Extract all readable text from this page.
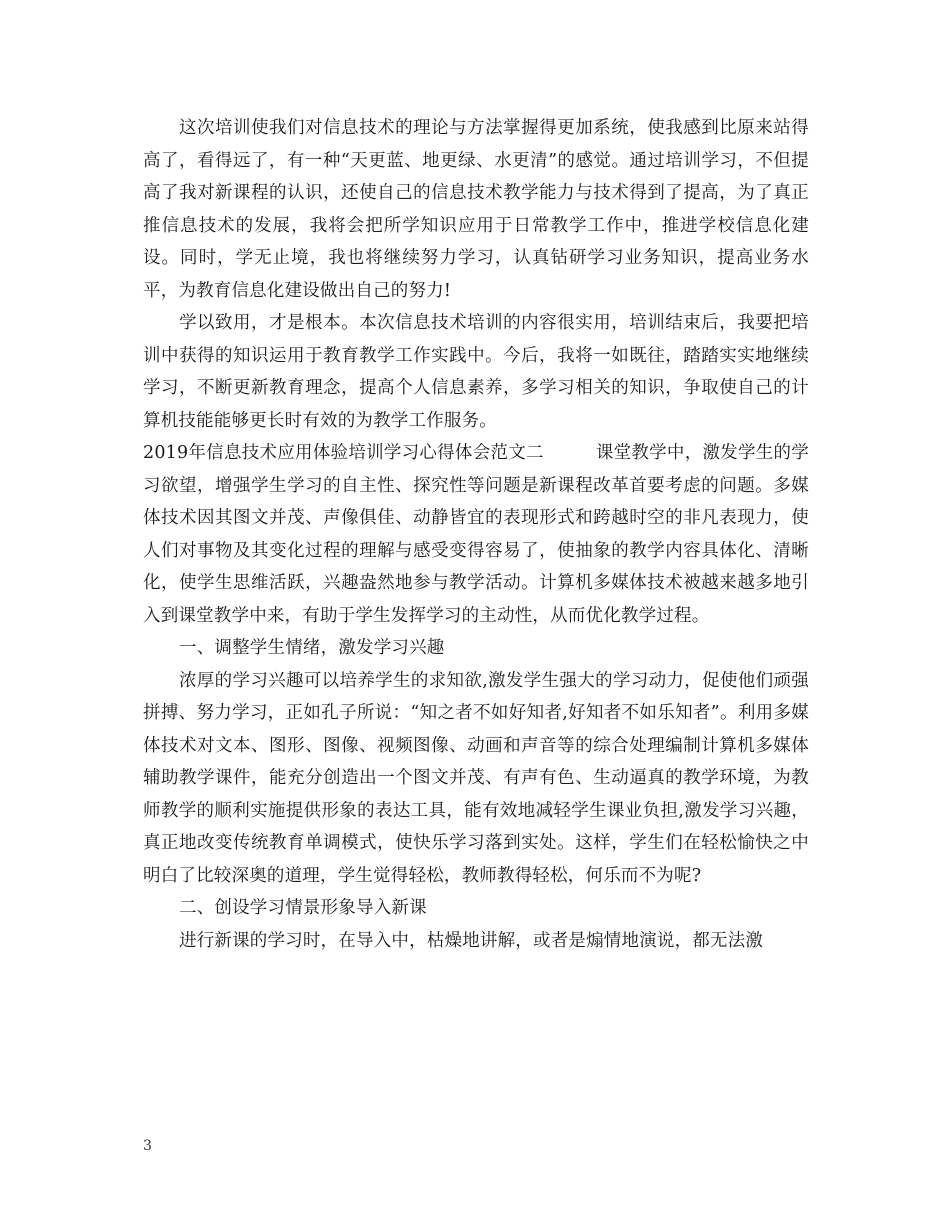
这次培训使我们对信息技术的理论与方法掌握得更加系统，使我感到比原来站得高了，看得远了，有一种“天更蓝、地更绿、水更清”的感觉。通过培训学习，不但提高了我对新课程的认识，还使自己的信息技术教学能力与技术得到了提高，为了真正推信息技术的发展，我将会把所学知识应用于日常教学工作中，推进学校信息化建设。同时，学无止境，我也将继续努力学习，认真钻研学习业务知识，提高业务水平，为教育信息化建设做出自己的努力!

学以致用，才是根本。本次信息技术培训的内容很实用，培训结束后，我要把培训中获得的知识运用于教育教学工作实践中。今后，我将一如既往，踏踏实实地继续学习，不断更新教育理念，提高个人信息素养，多学习相关的知识，争取使自己的计算机技能能够更长时有效的为教学工作服务。

2019年信息技术应用体验培训学习心得体会范文二	课堂教学中，激发学生的学习欲望，增强学生学习的自主性、探究性等问题是新课程改革首要考虑的问题。多媒体技术因其图文并茂、声像俱佳、动静皆宜的表现形式和跨越时空的非凡表现力，使人们对事物及其变化过程的理解与感受变得容易了，使抽象的教学内容具体化、清晰化，使学生思维活跃，兴趣盎然地参与教学活动。计算机多媒体技术被越来越多地引入到课堂教学中来，有助于学生发挥学习的主动性，从而优化教学过程。

一、调整学生情绪，激发学习兴趣

浓厚的学习兴趣可以培养学生的求知欲,激发学生强大的学习动力，促使他们顽强拼搏、努力学习，正如孔子所说：“知之者不如好知者,好知者不如乐知者”。利用多媒体技术对文本、图形、图像、视频图像、动画和声音等的综合处理编制计算机多媒体辅助教学课件，能充分创造出一个图文并茂、有声有色、生动逼真的教学环境，为教师教学的顺利实施提供形象的表达工具，能有效地减轻学生课业负担,激发学习兴趣，真正地改变传统教育单调模式，使快乐学习落到实处。这样，学生们在轻松愉快之中明白了比较深奥的道理，学生觉得轻松，教师教得轻松，何乐而不为呢?

二、创设学习情景形象导入新课

进行新课的学习时，在导入中，枯燥地讲解，或者是煽情地演说，都无法激

3
